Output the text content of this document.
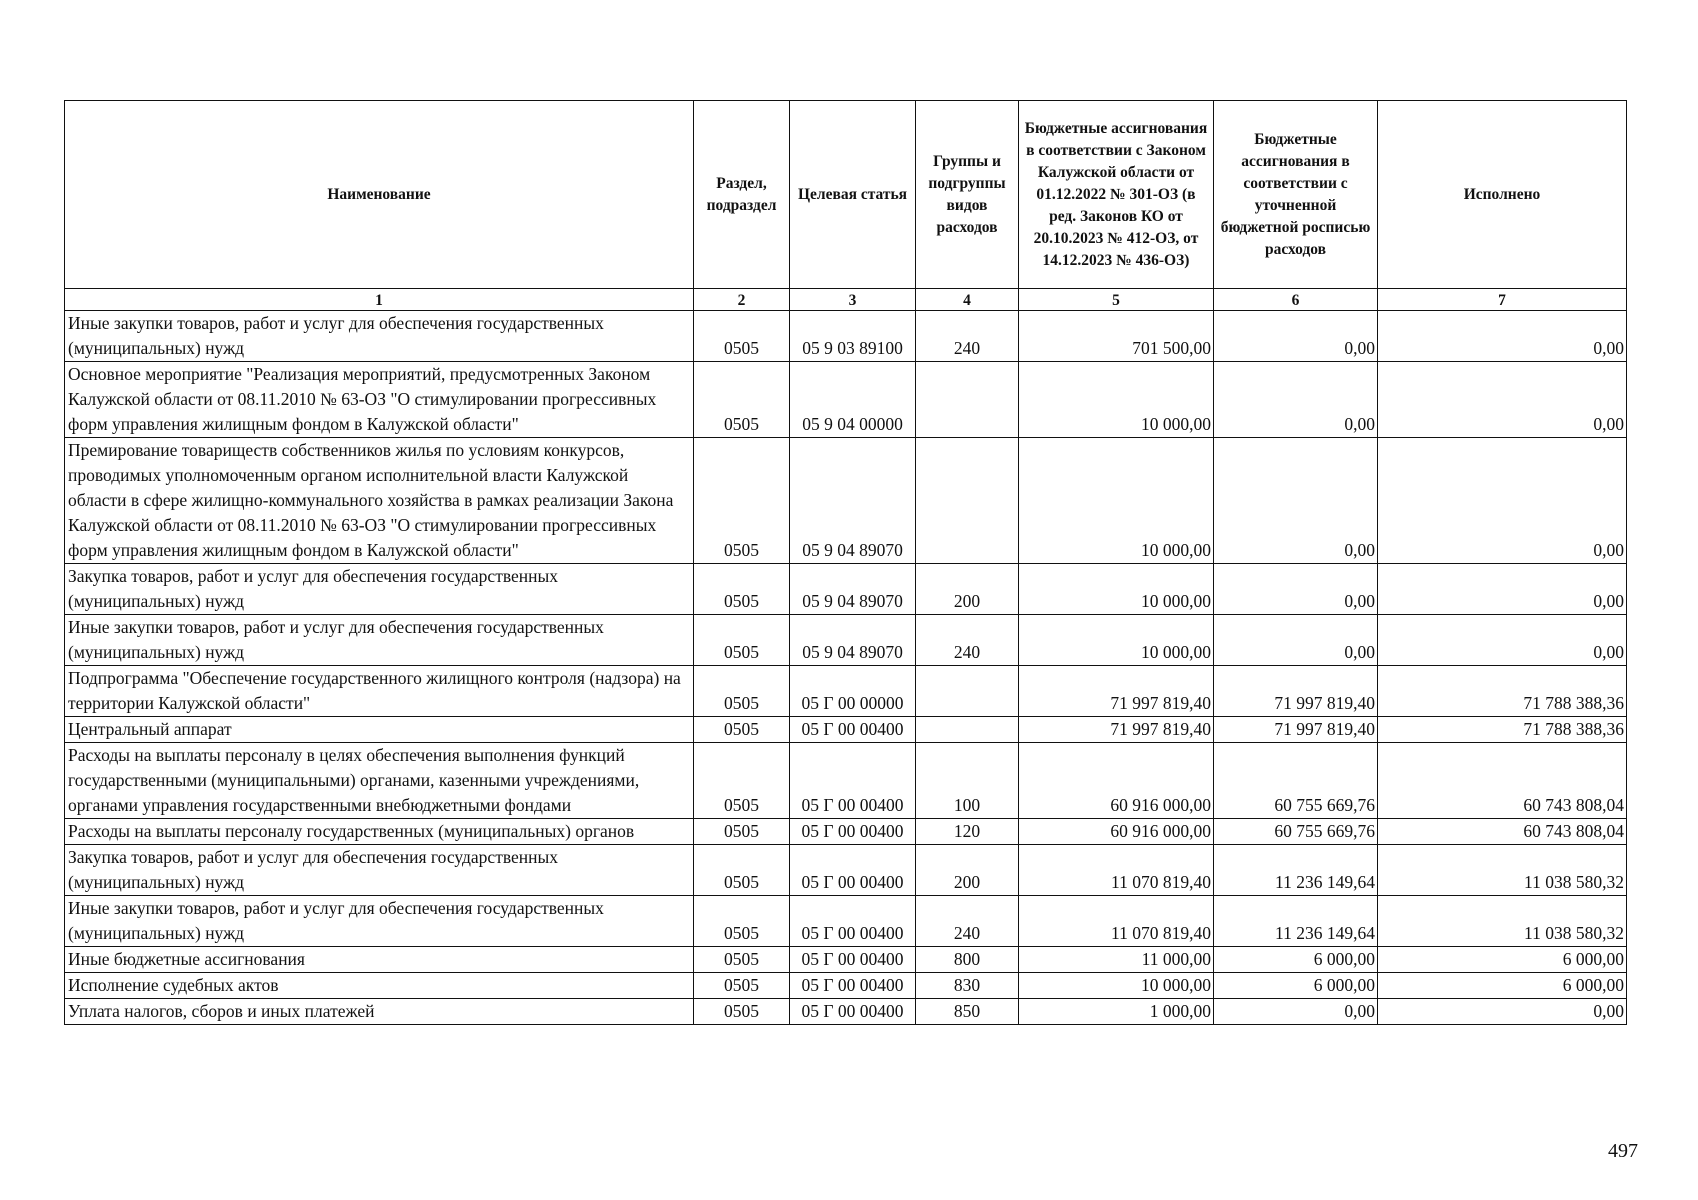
Наименование	Раздел, подраздел	Целевая статья	Группы и подгруппы видов расходов	Бюджетные ассигнования в соответствии с Законом Калужской области от 01.12.2022 № 301-ОЗ (в ред. Законов КО от 20.10.2023 № 412-ОЗ, от 14.12.2023 № 436-ОЗ)	Бюджетные ассигнования в соответствии с уточненной бюджетной росписью расходов	Исполнено
1	2	3	4	5	6	7
Иные закупки товаров, работ и услуг для обеспечения государственных (муниципальных) нужд	0505	05 9 03 89100	240	701 500,00	0,00	0,00
Основное мероприятие "Реализация мероприятий, предусмотренных Законом Калужской области от 08.11.2010 № 63-ОЗ "О стимулировании прогрессивных форм управления жилищным фондом в Калужской области"	0505	05 9 04 00000		10 000,00	0,00	0,00
Премирование товариществ собственников жилья по условиям конкурсов, проводимых уполномоченным органом исполнительной власти Калужской области в сфере жилищно-коммунального хозяйства в рамках реализации Закона Калужской области от 08.11.2010 № 63-ОЗ "О стимулировании прогрессивных форм управления жилищным фондом в Калужской области"	0505	05 9 04 89070		10 000,00	0,00	0,00
Закупка товаров, работ и услуг для обеспечения государственных (муниципальных) нужд	0505	05 9 04 89070	200	10 000,00	0,00	0,00
Иные закупки товаров, работ и услуг для обеспечения государственных (муниципальных) нужд	0505	05 9 04 89070	240	10 000,00	0,00	0,00
Подпрограмма "Обеспечение государственного жилищного контроля (надзора) на территории Калужской области"	0505	05 Г 00 00000		71 997 819,40	71 997 819,40	71 788 388,36
Центральный аппарат	0505	05 Г 00 00400		71 997 819,40	71 997 819,40	71 788 388,36
Расходы на выплаты персоналу в целях обеспечения выполнения функций государственными (муниципальными) органами, казенными учреждениями, органами управления государственными внебюджетными фондами	0505	05 Г 00 00400	100	60 916 000,00	60 755 669,76	60 743 808,04
Расходы на выплаты персоналу государственных (муниципальных) органов	0505	05 Г 00 00400	120	60 916 000,00	60 755 669,76	60 743 808,04
Закупка товаров, работ и услуг для обеспечения государственных (муниципальных) нужд	0505	05 Г 00 00400	200	11 070 819,40	11 236 149,64	11 038 580,32
Иные закупки товаров, работ и услуг для обеспечения государственных (муниципальных) нужд	0505	05 Г 00 00400	240	11 070 819,40	11 236 149,64	11 038 580,32
Иные бюджетные ассигнования	0505	05 Г 00 00400	800	11 000,00	6 000,00	6 000,00
Исполнение судебных актов	0505	05 Г 00 00400	830	10 000,00	6 000,00	6 000,00
Уплата налогов, сборов и иных платежей	0505	05 Г 00 00400	850	1 000,00	0,00	0,00
497
